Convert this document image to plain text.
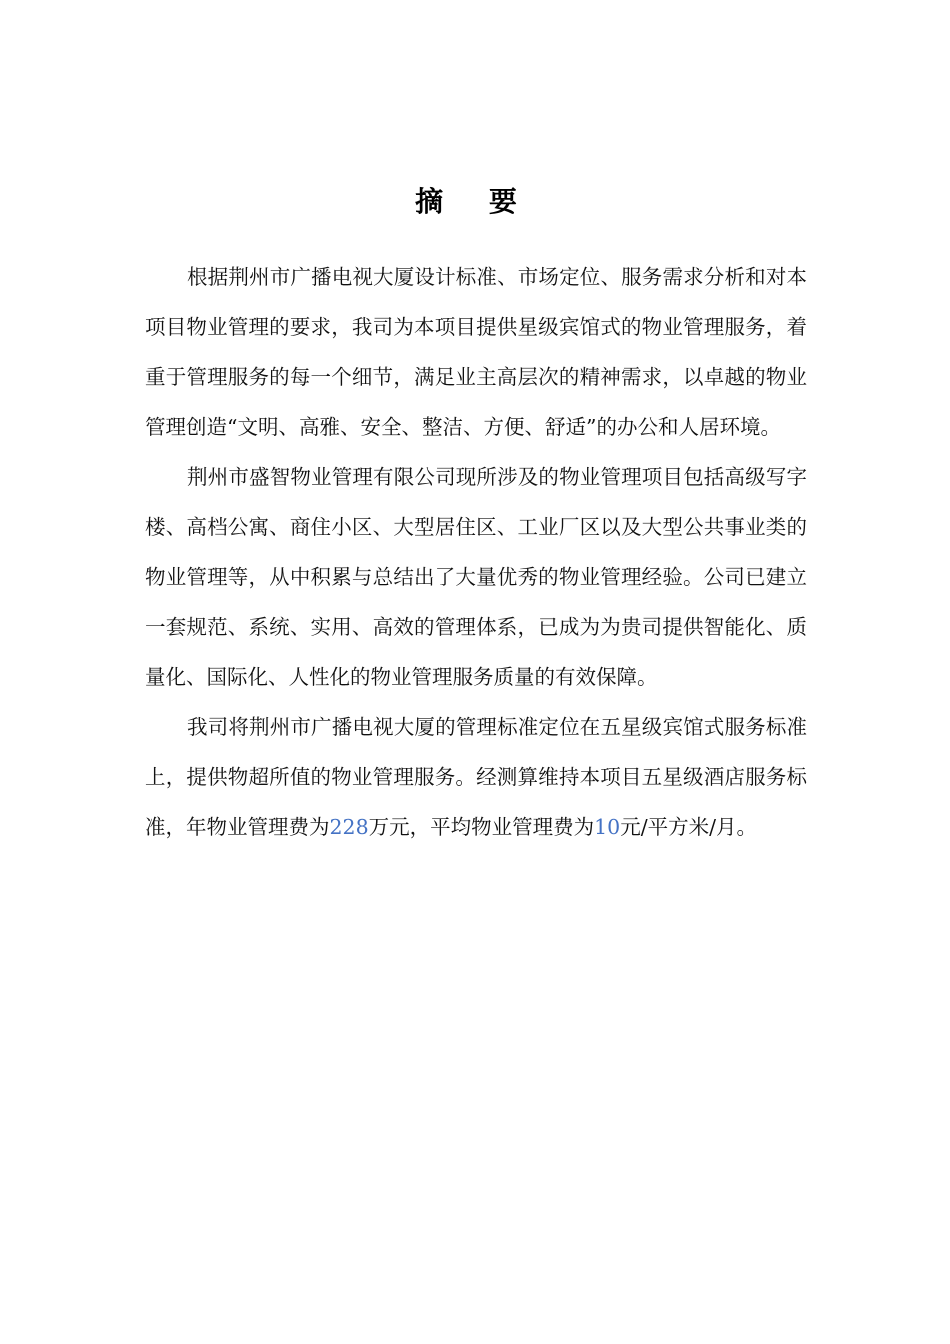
摘 要

根据荆州市广播电视大厦设计标准、市场定位、服务需求分析和对本项目物业管理的要求，我司为本项目提供星级宾馆式的物业管理服务，着重于管理服务的每一个细节，满足业主高层次的精神需求，以卓越的物业管理创造“文明、高雅、安全、整洁、方便、舒适”的办公和人居环境。

荆州市盛智物业管理有限公司现所涉及的物业管理项目包括高级写字楼、高档公寓、商住小区、大型居住区、工业厂区以及大型公共事业类的物业管理等，从中积累与总结出了大量优秀的物业管理经验。公司已建立一套规范、系统、实用、高效的管理体系，已成为为贵司提供智能化、质量化、国际化、人性化的物业管理服务质量的有效保障。

我司将荆州市广播电视大厦的管理标准定位在五星级宾馆式服务标准上，提供物超所值的物业管理服务。经测算维持本项目五星级酒店服务标准，年物业管理费为228万元，平均物业管理费为10元/平方米/月。
